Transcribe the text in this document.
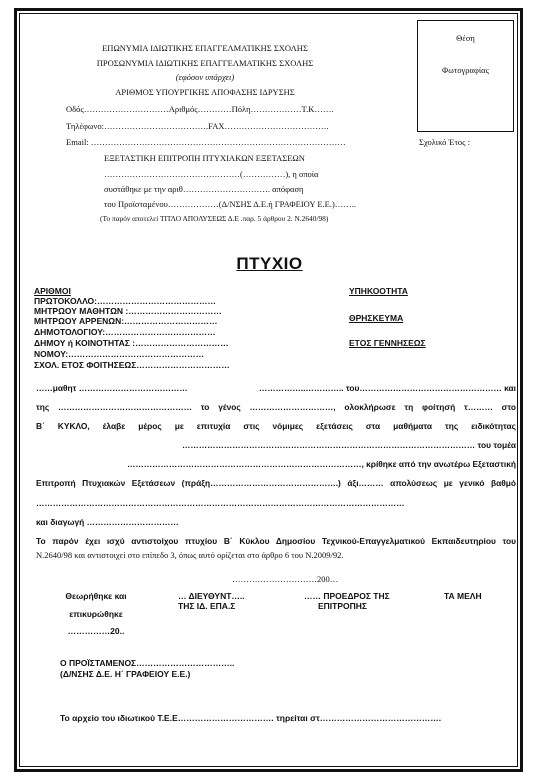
Θέση
Φωτογραφίας
ΕΠΩΝΥΜΙΑ ΙΔΙΩΤΙΚΗΣ ΕΠΑΓΓΕΛΜΑΤΙΚΗΣ ΣΧΟΛΗΣ
ΠΡΟΣΩΝΥΜΙΑ ΙΔΙΩΤΙΚΗΣ ΕΠΑΓΓΕΛΜΑΤΙΚΗΣ ΣΧΟΛΗΣ
(εφόσον υπάρχει)
ΑΡΙΘΜΟΣ ΥΠΟΥΡΓΙΚΗΣ ΑΠΟΦΑΣΗΣ ΙΔΡΥΣΗΣ
Οδός…………………………Αριθμός…………Πόλη………………Τ.Κ…….
Τηλέφωνο:……………………………….FAX……………………………….
Email: ………………………………………………………………………………	Σχολικό Έτος :
ΕΞΕΤΑΣΤΙΚΗ ΕΠΙΤΡΟΠΗ ΠΤΥΧΙΑΚΩΝ ΕΞΕΤΑΣΕΩΝ
…………………………………………(……………), η οποία
συστάθηκε με την αριθ…………………………. απόφαση
του Προϊσταμένου………………(Δ/ΝΣΗΣ Δ.Ε.ή ΓΡΑΦΕΙΟΥ Ε.Ε.)……..
(Το παρόν αποτελεί ΤΙΤΛΟ ΑΠΟΛΥΣΕΩΣ Δ.Ε .παρ. 5 άρθρου 2. Ν.2640/98)
ΠΤΥΧΙΟ
ΑΡΙΘΜΟΙ
ΠΡΩΤΟΚΟΛΛΟ:……………………………………
ΜΗΤΡΩΟΥ ΜΑΘΗΤΩΝ :……………………………
ΜΗΤΡΩΟΥ ΑΡΡΕΝΩΝ:……………………………
ΔΗΜΟΤΟΛΟΓΙΟΥ:…………………………………
ΔΗΜΟΥ ή ΚΟΙΝΟΤΗΤΑΣ :……………………………
ΝΟΜΟΥ:…………………………………………
ΣΧΟΛ. ΕΤΟΣ ΦΟΙΤΗΣΕΩΣ……………………………
ΥΠΗΚΟΟΤΗΤΑ
ΘΡΗΣΚΕΥΜΑ
ΕΤΟΣ ΓΕΝΝΗΣΕΩΣ
……μαθητ …………………………………	……………..………….. του…………………………………………… και
της ………………………………………… το γένος …………………………, ολοκλήρωσε τη φοίτησή τ……… στο
Β΄ ΚΥΚΛΟ, έλαβε μέρος με επιτυχία στις νόμιμες εξετάσεις στα μαθήματα της ειδικότητας
…………………………………………………………………………………………… του τομέα
…………………………………………………………………………, κρίθηκε από την ανωτέρω Εξεταστική
Επιτροπή Πτυχιακών Εξετάσεων (πράξη……………………………………….) άξι……… απολύσεως με γενικό βαθμό
……………………………………………………………………………………………………………………
και διαγωγή ……………………………
Το παρόν έχει ισχύ αντιστοίχου πτυχίου Β΄ Κύκλου Δημοσίου Τεχνικού-Επαγγελματικού Εκπαιδευτηρίου του
Ν.2640/98 και αντιστοιχεί στο επίπεδο 3, όπως αυτό ορίζεται στο άρθρο 6 του Ν.2009/92.
…………………………200…
Θεωρήθηκε και
επικυρώθηκε
……………20..
… ΔΙΕΥΘΥΝΤ…..
ΤΗΣ ΙΔ. ΕΠΑ.Σ
…… ΠΡΟΕΔΡΟΣ ΤΗΣ
ΕΠΙΤΡΟΠΗΣ
ΤΑ ΜΕΛΗ
Ο ΠΡΟΪΣΤΑΜΕΝΟΣ……………………………..
(Δ/ΝΣΗΣ Δ.Ε. Η΄ ΓΡΑΦΕΙΟΥ Ε.Ε.)
Το αρχείο του ιδιωτικού Τ.Ε.Ε……………………………. τηρείται στ…………………………………….
